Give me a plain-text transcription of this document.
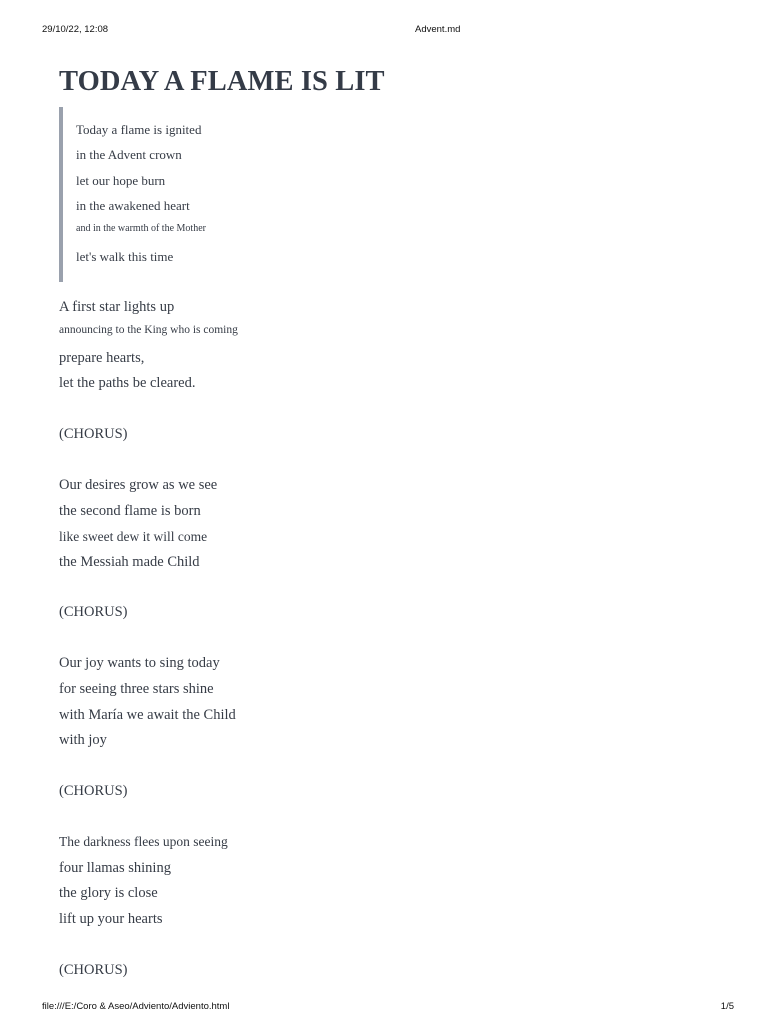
29/10/22, 12:08	Advent.md
TODAY A FLAME IS LIT
Today a flame is ignited
in the Advent crown
let our hope burn
in the awakened heart
and in the warmth of the Mother
let's walk this time
A first star lights up
announcing to the King who is coming
prepare hearts,
let the paths be cleared.
(CHORUS)
Our desires grow as we see
the second flame is born
like sweet dew it will come
the Messiah made Child
(CHORUS)
Our joy wants to sing today
for seeing three stars shine
with María we await the Child
with joy
(CHORUS)
The darkness flees upon seeing
four llamas shining
the glory is close
lift up your hearts
(CHORUS)
file:///E:/Coro & Aseo/Adviento/Adviento.html	1/5
